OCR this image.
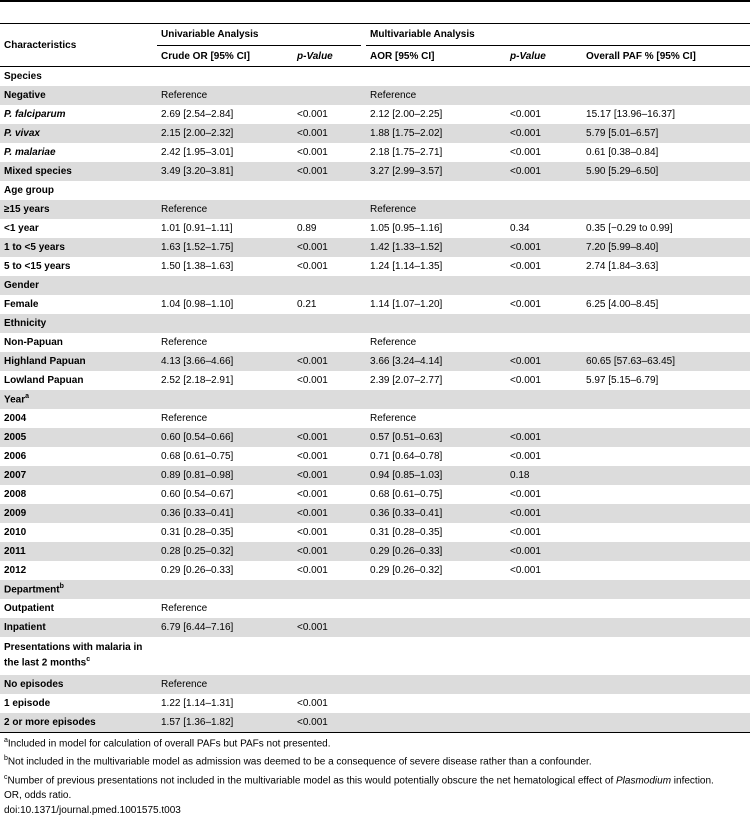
Characteristics	Univariable Analysis			Multivariable Analysis		
	Crude OR [95% CI]	p-Value		AOR [95% CI]	p-Value	Overall PAF % [95% CI]
Species						
Negative	Reference			Reference		
P. falciparum	2.69 [2.54–2.84]	<0.001		2.12 [2.00–2.25]	<0.001	15.17 [13.96–16.37]
P. vivax	2.15 [2.00–2.32]	<0.001		1.88 [1.75–2.02]	<0.001	5.79 [5.01–6.57]
P. malariae	2.42 [1.95–3.01]	<0.001		2.18 [1.75–2.71]	<0.001	0.61 [0.38–0.84]
Mixed species	3.49 [3.20–3.81]	<0.001		3.27 [2.99–3.57]	<0.001	5.90 [5.29–6.50]
Age group						
≥15 years	Reference			Reference		
<1 year	1.01 [0.91–1.11]	0.89		1.05 [0.95–1.16]	0.34	0.35 [−0.29 to 0.99]
1 to <5 years	1.63 [1.52–1.75]	<0.001		1.42 [1.33–1.52]	<0.001	7.20 [5.99–8.40]
5 to <15 years	1.50 [1.38–1.63]	<0.001		1.24 [1.14–1.35]	<0.001	2.74 [1.84–3.63]
Gender						
Female	1.04 [0.98–1.10]	0.21		1.14 [1.07–1.20]	<0.001	6.25 [4.00–8.45]
Ethnicity						
Non-Papuan	Reference			Reference		
Highland Papuan	4.13 [3.66–4.66]	<0.001		3.66 [3.24–4.14]	<0.001	60.65 [57.63–63.45]
Lowland Papuan	2.52 [2.18–2.91]	<0.001		2.39 [2.07–2.77]	<0.001	5.97 [5.15–6.79]
Year$^a$	
2004	Reference			Reference		
2005	0.60 [0.54–0.66]	<0.001		0.57 [0.51–0.63]	<0.001	
2006	0.68 [0.61–0.75]	<0.001		0.71 [0.64–0.78]	<0.001	
2007	0.89 [0.81–0.98]	<0.001		0.94 [0.85–1.03]	0.18	
2008	0.60 [0.54–0.67]	<0.001		0.68 [0.61–0.75]	<0.001	
2009	0.36 [0.33–0.41]	<0.001		0.36 [0.33–0.41]	<0.001	
2010	0.31 [0.28–0.35]	<0.001		0.31 [0.28–0.35]	<0.001	
2011	0.28 [0.25–0.32]	<0.001		0.29 [0.26–0.33]	<0.001	
2012	0.29 [0.26–0.33]	<0.001		0.29 [0.26–0.32]	<0.001	
Department$^b$	
Outpatient	Reference					
Inpatient	6.79 [6.44–7.16]	<0.001				
Presentations with malaria in the last 2 months$^c$	
No episodes	Reference					
1 episode	1.22 [1.14–1.31]	<0.001				
2 or more episodes	1.57 [1.36–1.82]	<0.001				
$^a$Included in model for calculation of overall PAFs but PAFs not presented.
$^b$Not included in the multivariable model as admission was deemed to be a consequence of severe disease rather than a confounder.
$^c$Number of previous presentations not included in the multivariable model as this would potentially obscure the net hematological effect of Plasmodium infection.
OR, odds ratio.
doi:10.1371/journal.pmed.1001575.t003
